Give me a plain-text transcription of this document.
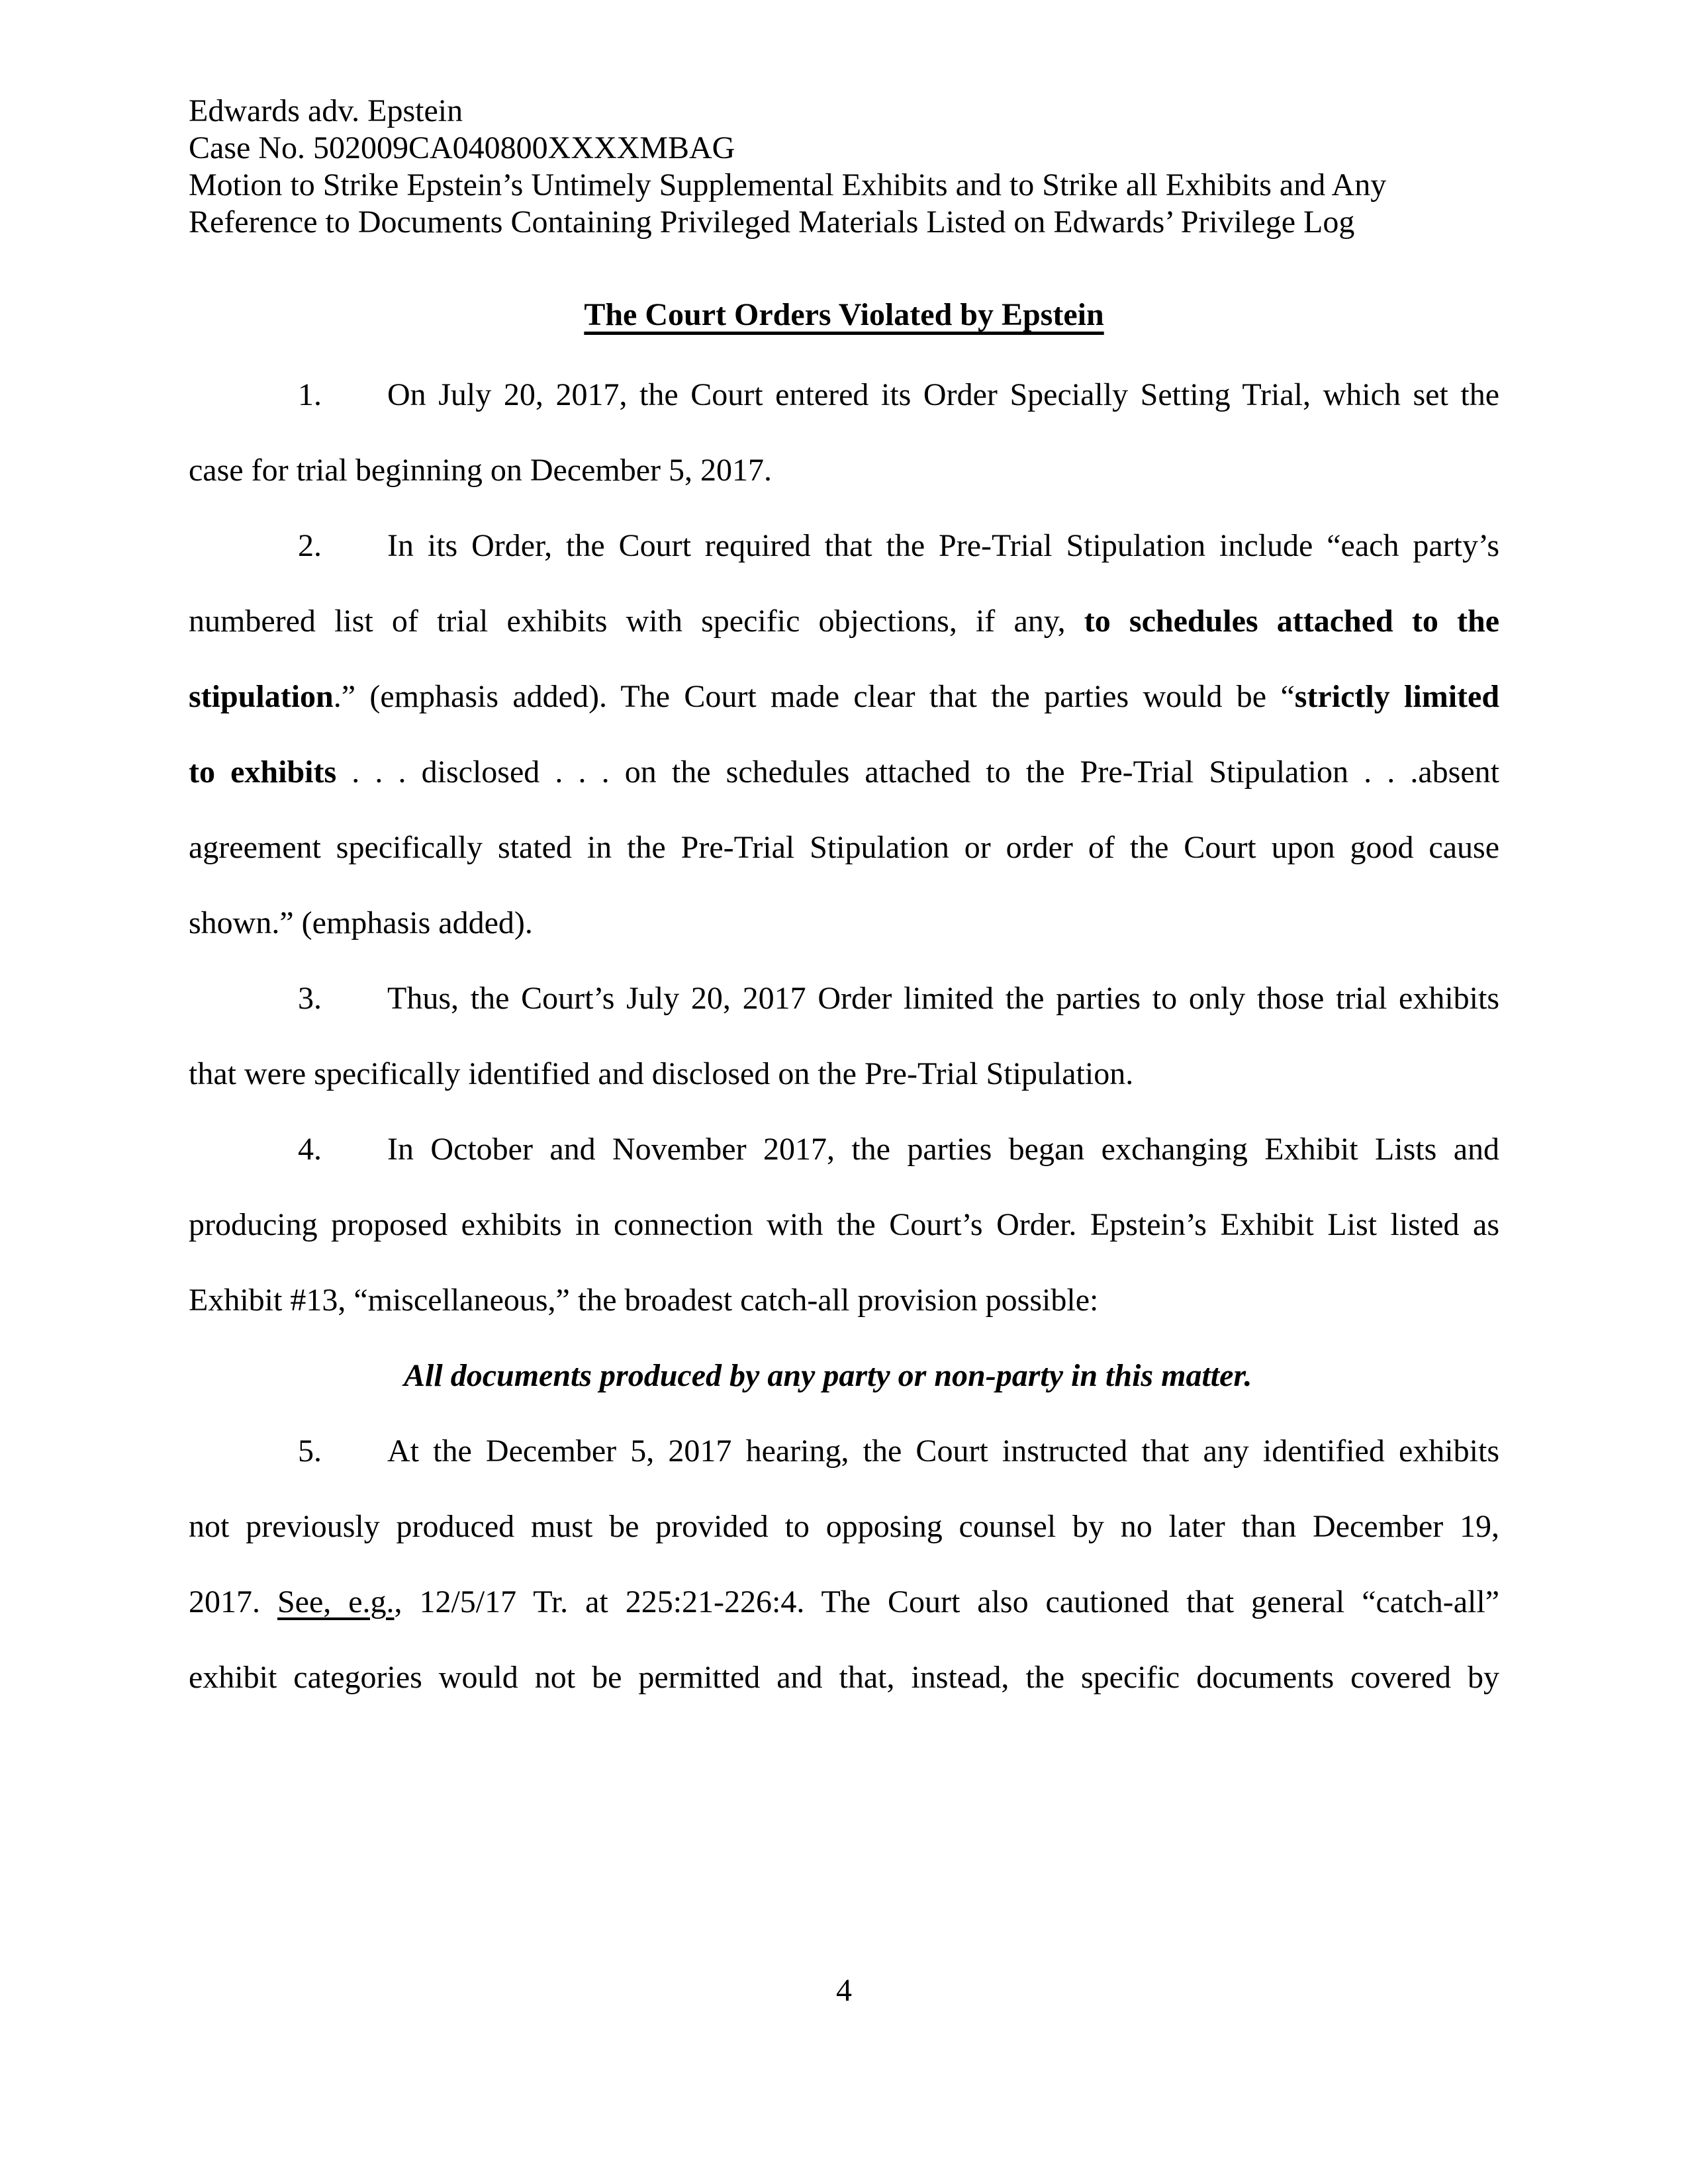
Edwards adv. Epstein
Case No. 502009CA040800XXXXMBAG
Motion to Strike Epstein’s Untimely Supplemental Exhibits and to Strike all Exhibits and Any
Reference to Documents Containing Privileged Materials Listed on Edwards’ Privilege Log
The Court Orders Violated by Epstein
1. On July 20, 2017, the Court entered its Order Specially Setting Trial, which set the
case for trial beginning on December 5, 2017.
2. In its Order, the Court required that the Pre-Trial Stipulation include “each party’s
numbered list of trial exhibits with specific objections, if any, to schedules attached to the
stipulation.” (emphasis added). The Court made clear that the parties would be “strictly limited
to exhibits . . . disclosed . . . on the schedules attached to the Pre-Trial Stipulation . . .absent
agreement specifically stated in the Pre-Trial Stipulation or order of the Court upon good cause
shown.” (emphasis added).
3. Thus, the Court’s July 20, 2017 Order limited the parties to only those trial exhibits
that were specifically identified and disclosed on the Pre-Trial Stipulation.
4. In October and November 2017, the parties began exchanging Exhibit Lists and
producing proposed exhibits in connection with the Court’s Order. Epstein’s Exhibit List listed as
Exhibit #13, “miscellaneous,” the broadest catch-all provision possible:
All documents produced by any party or non-party in this matter.
5. At the December 5, 2017 hearing, the Court instructed that any identified exhibits
not previously produced must be provided to opposing counsel by no later than December 19,
2017. See, e.g., 12/5/17 Tr. at 225:21-226:4. The Court also cautioned that general “catch-all”
exhibit categories would not be permitted and that, instead, the specific documents covered by
4
